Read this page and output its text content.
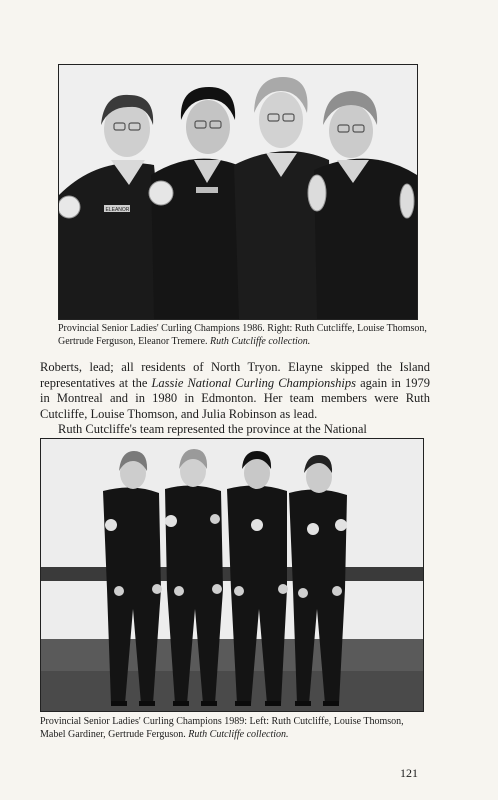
ELEANOR

Provincial Senior Ladies' Curling Champions 1986. Right: Ruth Cutcliffe, Louise Thomson, Gertrude Ferguson, Eleanor Tremere. Ruth Cutcliffe collection.

Roberts, lead; all residents of North Tryon. Elayne skipped the Island representatives at the Lassie National Curling Championships again in 1979 in Montreal and in 1980 in Edmonton. Her team members were Ruth Cutcliffe, Louise Thomson, and Julia Robinson as lead.

Ruth Cutcliffe's team represented the province at the National

Provincial Senior Ladies' Curling Champions 1989: Left: Ruth Cutcliffe, Louise Thomson, Mabel Gardiner, Gertrude Ferguson. Ruth Cutcliffe collection.

121
